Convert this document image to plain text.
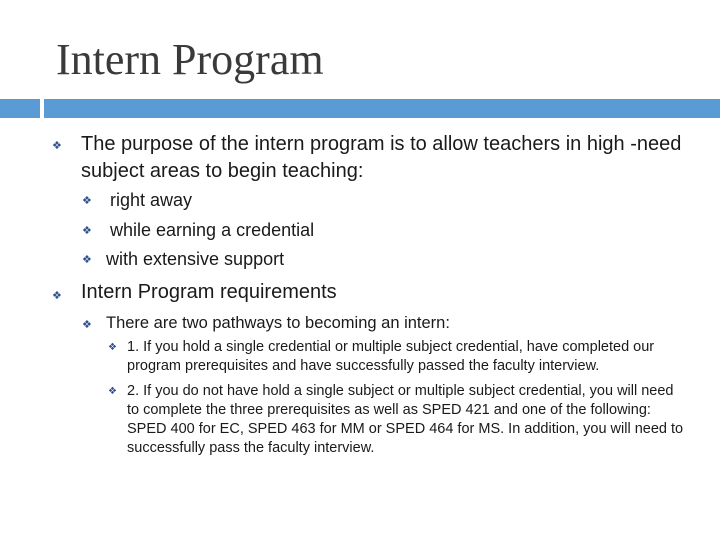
Intern Program
❖ The purpose of the intern program is to allow teachers in high -need subject areas to begin teaching:
❖ right away
❖ while earning a credential
❖ with extensive support
❖ Intern Program requirements
❖ There are two pathways to becoming an intern:
❖ 1. If you hold a single credential or multiple subject credential, have completed our program prerequisites and have successfully passed the faculty interview.
❖ 2. If you do not have hold a single subject or multiple subject credential, you will need to complete the three prerequisites as well as SPED 421 and one of the following: SPED 400 for EC, SPED 463 for MM or SPED 464 for MS. In addition, you will need to successfully pass the faculty interview.
